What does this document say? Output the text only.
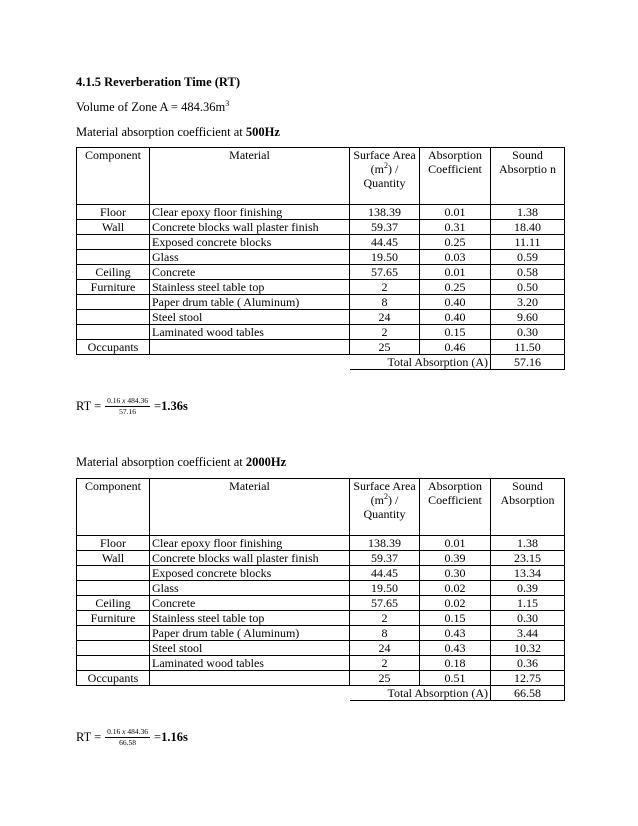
4.1.5 Reverberation Time (RT)
Volume of Zone $A = 484.36m^3$
Material absorption coefficient at 500Hz
Component	Material	Surface Area $(m^2)$ / Quantity	Absorption Coefficient	Sound Absorptio n
Floor	Clear epoxy floor finishing	138.39	0.01	1.38
Wall	Concrete blocks wall plaster finish	59.37	0.31	18.40
	Exposed concrete blocks	44.45	0.25	11.11
	Glass	19.50	0.03	0.59
Ceiling	Concrete	57.65	0.01	0.58
Furniture	Stainless steel table top	2	0.25	0.50
	Paper drum table ( Aluminum)	8	0.40	3.20
	Steel stool	24	0.40	9.60
	Laminated wood tables	2	0.15	0.30
Occupants		25	0.46	11.50
		Total Absorption (A)		57.16
RT = $\frac{0.16 x 484.36}{57.16} = 1.36s$
Material absorption coefficient at 2000Hz
Component	Material	Surface Area $(m^2)$ / Quantity	Absorption Coefficient	Sound Absorption
Floor	Clear epoxy floor finishing	138.39	0.01	1.38
Wall	Concrete blocks wall plaster finish	59.37	0.39	23.15
	Exposed concrete blocks	44.45	0.30	13.34
	Glass	19.50	0.02	0.39
Ceiling	Concrete	57.65	0.02	1.15
Furniture	Stainless steel table top	2	0.15	0.30
	Paper drum table ( Aluminum)	8	0.43	3.44
	Steel stool	24	0.43	10.32
	Laminated wood tables	2	0.18	0.36
Occupants		25	0.51	12.75
		Total Absorption (A)		66.58
RT = $\frac{0.16 x 484.36}{66.58} = 1.16s$
